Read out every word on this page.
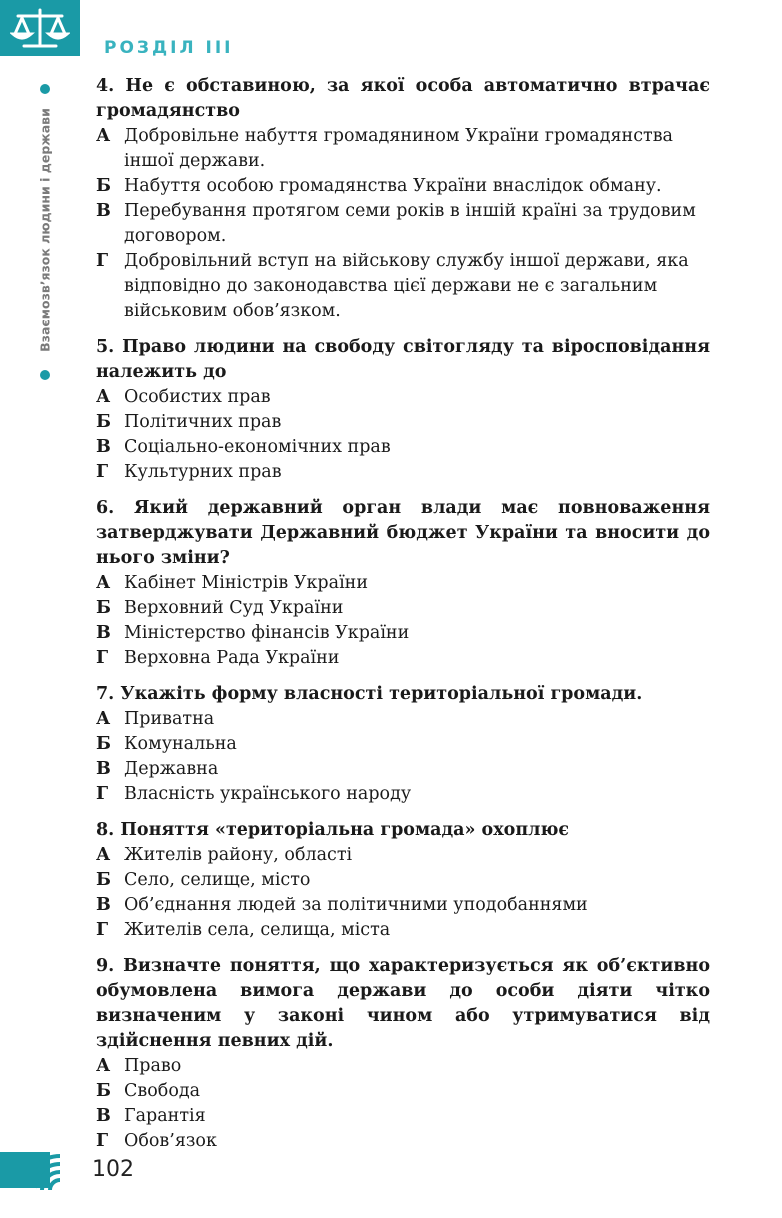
РОЗДІЛ ІІІ
Взаємозв’язок людини і держави
4. Не є обставиною, за якої особа автоматично втрачає громадянство
А Добровільне набуття громадянином України громадянства іншої держави.
Б Набуття особою громадянства України внаслідок обману.
В Перебування протягом семи років в іншій країні за трудовим договором.
Г Добровільний вступ на військову службу іншої держави, яка відповідно до законодавства цієї держави не є загальним військовим обов’язком.
5. Право людини на свободу світогляду та віросповідання належить до
А Особистих прав
Б Політичних прав
В Соціально-економічних прав
Г Культурних прав
6. Який державний орган влади має повноваження затверджувати Державний бюджет України та вносити до нього зміни?
А Кабінет Міністрів України
Б Верховний Суд України
В Міністерство фінансів України
Г Верховна Рада України
7. Укажіть форму власності територіальної громади.
А Приватна
Б Комунальна
В Державна
Г Власність українського народу
8. Поняття «територіальна громада» охоплює
А Жителів району, області
Б Село, селище, місто
В Об’єднання людей за політичними уподобаннями
Г Жителів села, селища, міста
9. Визначте поняття, що характеризується як об’єктивно обумовлена вимога держави до особи діяти чітко визначеним у законі чином або утримуватися від здійснення певних дій.
А Право
Б Свобода
В Гарантія
Г Обов’язок
102
